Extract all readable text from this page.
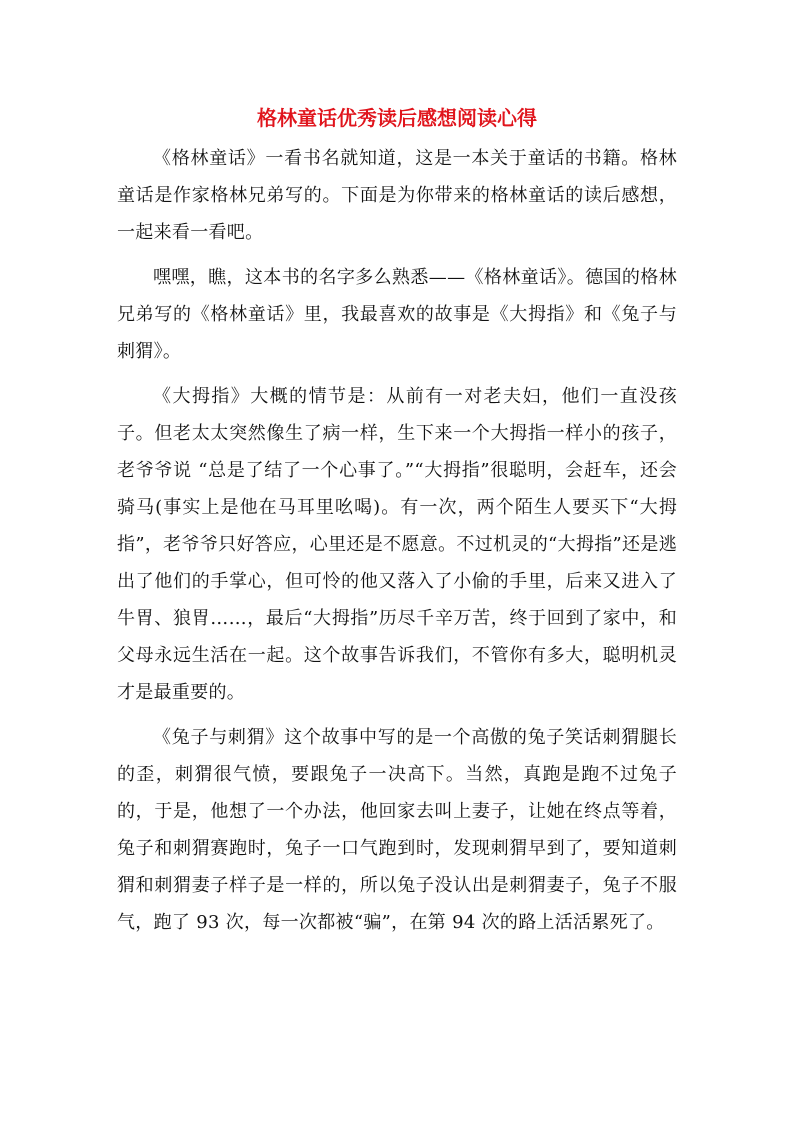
格林童话优秀读后感想阅读心得

《格林童话》一看书名就知道，这是一本关于童话的书籍。格林童话是作家格林兄弟写的。下面是为你带来的格林童话的读后感想，一起来看一看吧。

嘿嘿，瞧，这本书的名字多么熟悉——《格林童话》。德国的格林兄弟写的《格林童话》里，我最喜欢的故事是《大拇指》和《兔子与刺猬》。

《大拇指》大概的情节是：从前有一对老夫妇，他们一直没孩子。但老太太突然像生了病一样，生下来一个大拇指一样小的孩子，老爷爷说 “总是了结了一个心事了。”“大拇指”很聪明，会赶车，还会骑马(事实上是他在马耳里吆喝)。有一次，两个陌生人要买下“大拇指”，老爷爷只好答应，心里还是不愿意。不过机灵的“大拇指”还是逃出了他们的手掌心，但可怜的他又落入了小偷的手里，后来又进入了牛胃、狼胃……，最后“大拇指”历尽千辛万苦，终于回到了家中，和父母永远生活在一起。这个故事告诉我们，不管你有多大，聪明机灵才是最重要的。

《兔子与刺猬》这个故事中写的是一个高傲的兔子笑话刺猬腿长的歪，刺猬很气愤，要跟兔子一决高下。当然，真跑是跑不过兔子的，于是，他想了一个办法，他回家去叫上妻子，让她在终点等着，兔子和刺猬赛跑时，兔子一口气跑到时，发现刺猬早到了，要知道刺猬和刺猬妻子样子是一样的，所以兔子没认出是刺猬妻子，兔子不服气，跑了 93 次，每一次都被“骗”，在第 94 次的路上活活累死了。
